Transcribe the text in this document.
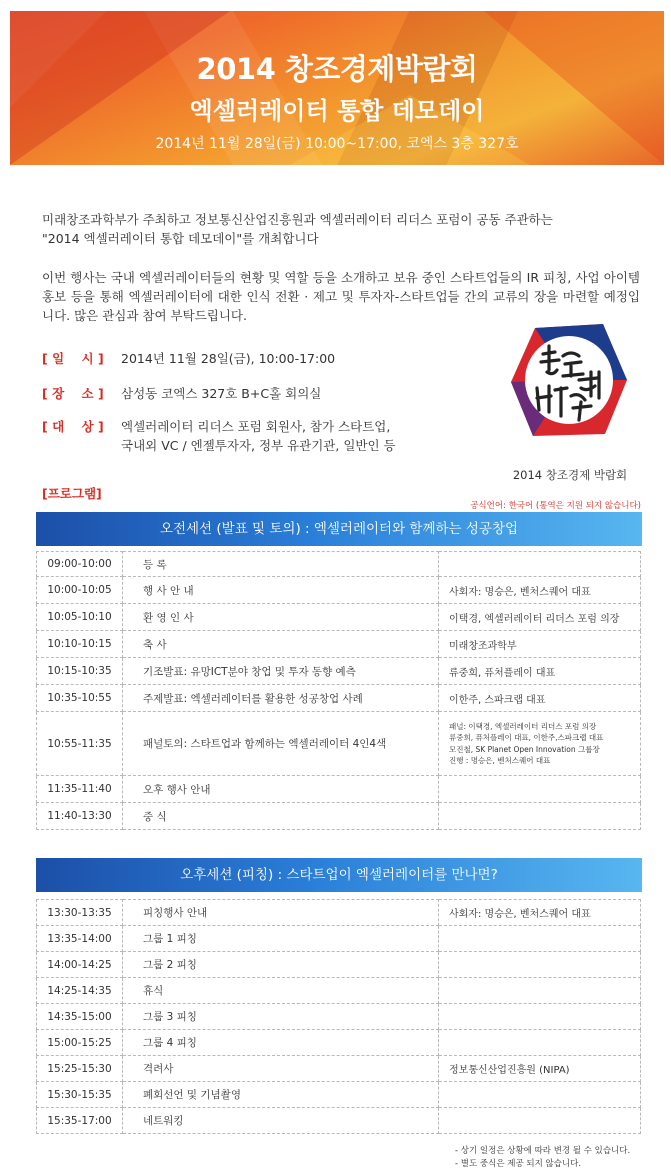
2014 창조경제박람회
엑셀러레이터 통합 데모데이
2014년 11월 28일(금) 10:00~17:00, 코엑스 3층 327호
미래창조과학부가 주최하고 정보통신산업진흥원과 엑셀러레이터 리더스 포럼이 공동 주관하는
"2014 엑셀러레이터 통합 데모데이"를 개최합니다
이번 행사는 국내 엑셀러레이터들의 현황 및 역할 등을 소개하고 보유 중인 스타트업들의 IR 피칭, 사업 아이템 홍보 등을 통해 엑셀러레이터에 대한 인식 전환 · 제고 및 투자자-스타트업들 간의 교류의 장을 마련할 예정입니다. 많은 관심과 참여 부탁드립니다.
[ 일    시 ]	2014년 11월 28일(금), 10:00-17:00
[ 장    소 ]	삼성동 코엑스 327호 B+C홀 회의실
[ 대    상 ]	엑셀러레이터 리더스 포럼 회원사, 참가 스타트업,
국내외 VC / 엔젤투자자, 정부 유관기관, 일반인 등
2014 창조경제 박람회
[프로그램]
공식언어: 한국어 (통역은 지원 되지 않습니다)
오전세션 (발표 및 토의) : 엑셀러레이터와 함께하는 성공창업
09:00-10:00	등 록	
10:00-10:05	행 사 안 내	사회자: 명승은, 벤처스퀘어 대표
10:05-10:10	환 영 인 사	이택경, 엑셀러레이터 리더스 포럼 의장
10:10-10:15	축 사	미래창조과학부
10:15-10:35	기조발표: 유망ICT분야 창업 및 투자 동향 예측	류중희, 퓨처플레이 대표
10:35-10:55	주제발표: 엑셀러레이터를 활용한 성공창업 사례	이한주, 스파크랩 대표
10:55-11:35	패널토의: 스타트업과 함께하는 엑셀러레이터 4인4색	패널: 이택경, 엑셀러레이터 리더스 포럼 의장
류중희, 퓨처플레이 대표, 이한주,스파크랩 대표
모진철, SK Planet Open Innovation 그룹장
진행 : 명승은, 벤처스퀘어 대표

11:35-11:40	오후 행사 안내	
11:40-13:30	중 식	
오후세션 (피칭) : 스타트업이 엑셀러레이터를 만나면?
13:30-13:35	피칭행사 안내	사회자: 명승은, 벤처스퀘어 대표
13:35-14:00	그룹 1 피칭	
14:00-14:25	그룹 2 피칭	
14:25-14:35	휴식	
14:35-15:00	그룹 3 피칭	
15:00-15:25	그룹 4 피칭	
15:25-15:30	격려사	정보통신산업진흥원 (NIPA)
15:30-15:35	폐회선언 및 기념촬영	
15:35-17:00	네트워킹	
- 상기 일정은 상황에 따라 변경 될 수 있습니다.
- 별도 중식은 제공 되지 않습니다.
